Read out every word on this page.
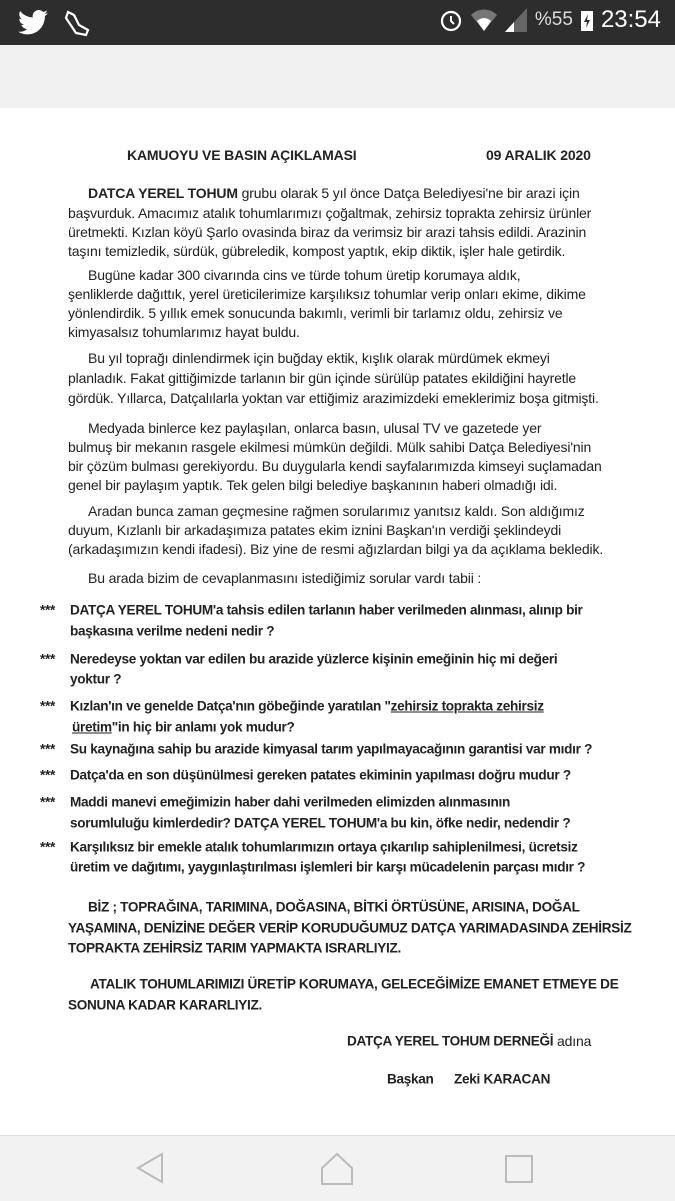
%55 23:54
KAMUOYU VE BASIN AÇIKLAMASI	09 ARALIK 2020
DATCA YEREL TOHUM grubu olarak 5 yıl önce Datça Belediyesi'ne bir arazi için
başvurduk. Amacımız atalık tohumlarımızı çoğaltmak, zehirsiz toprakta zehirsiz ürünler
üretmekti. Kızlan köyü Şarlo ovasinda biraz da verimsiz bir arazi tahsis edildi. Arazinin
taşını temizledik, sürdük, gübreledik, kompost yaptık, ekip diktik, işler hale getirdik.
Bugüne kadar 300 civarında cins ve türde tohum üretip korumaya aldık,
şenliklerde dağıttık, yerel üreticilerimize karşılıksız tohumlar verip onları ekime, dikime
yönlendirdik. 5 yıllık emek sonucunda bakımlı, verimli bir tarlamız oldu, zehirsiz ve
kimyasalsız tohumlarımız hayat buldu.
Bu yıl toprağı dinlendirmek için buğday ektik, kışlık olarak mürdümek ekmeyi
planladık. Fakat gittiğimizde tarlanın bir gün içinde sürülüp patates ekildiğini hayretle
gördük. Yıllarca, Datçalılarla yoktan var ettiğimiz arazimizdeki emeklerimiz boşa gitmişti.
Medyada binlerce kez paylaşılan, onlarca basın, ulusal TV ve gazetede yer
bulmuş bir mekanın rasgele ekilmesi mümkün değildi. Mülk sahibi Datça Belediyesi'nin
bir çözüm bulması gerekiyordu. Bu duygularla kendi sayfalarımızda kimseyi suçlamadan
genel bir paylaşım yaptık. Tek gelen bilgi belediye başkanının haberi olmadığı idi.
Aradan bunca zaman geçmesine rağmen sorularımız yanıtsız kaldı. Son aldığımız
duyum, Kızlanlı bir arkadaşımıza patates ekim iznini Başkan'ın verdiği şeklindeydi
(arkadaşımızın kendi ifadesi). Biz yine de resmi ağızlardan bilgi ya da açıklama bekledik.
Bu arada bizim de cevaplanmasını istediğimiz sorular vardı tabii :
*** DATÇA YEREL TOHUM'a tahsis edilen tarlanın haber verilmeden alınması, alınıp bir
başkasına verilme nedeni nedir ?
*** Neredeyse yoktan var edilen bu arazide yüzlerce kişinin emeğinin hiç mi değeri
yoktur ?
*** Kızlan'ın ve genelde Datça'nın göbeğinde yaratılan "zehirsiz toprakta zehirsiz
üretim"in hiç bir anlamı yok mudur?
*** Su kaynağına sahip bu arazide kimyasal tarım yapılmayacağının garantisi var mıdır ?
*** Datça'da en son düşünülmesi gereken patates ekiminin yapılması doğru mudur ?
*** Maddi manevi emeğimizin haber dahi verilmeden elimizden alınmasının
sorumluluğu kimlerdedir? DATÇA YEREL TOHUM'a bu kin, öfke nedir, nedendir ?
*** Karşılıksız bir emekle atalık tohumlarımızın ortaya çıkarılıp sahiplenilmesi, ücretsiz
üretim ve dağıtımı, yaygınlaştırılması işlemleri bir karşı mücadelenin parçası mıdır ?
BİZ ; TOPRAĞINA, TARIMINA, DOĞASINA, BİTKİ ÖRTÜSÜNE, ARISINA, DOĞAL
YAŞAMINA, DENİZİNE DEĞER VERİP KORUDUĞUMUZ DATÇA YARIMADASINDA ZEHİRSİZ
TOPRAKTA ZEHİRSİZ TARIM YAPMAKTA ISRARLIYIZ.
ATALIK TOHUMLARIMIZI ÜRETİP KORUMAYA, GELECEĞİMİZE EMANET ETMEYE DE
SONUNA KADAR KARARLIYIZ.
DATÇA YEREL TOHUM DERNEĞİ adına
Başkan Zeki KARACAN
